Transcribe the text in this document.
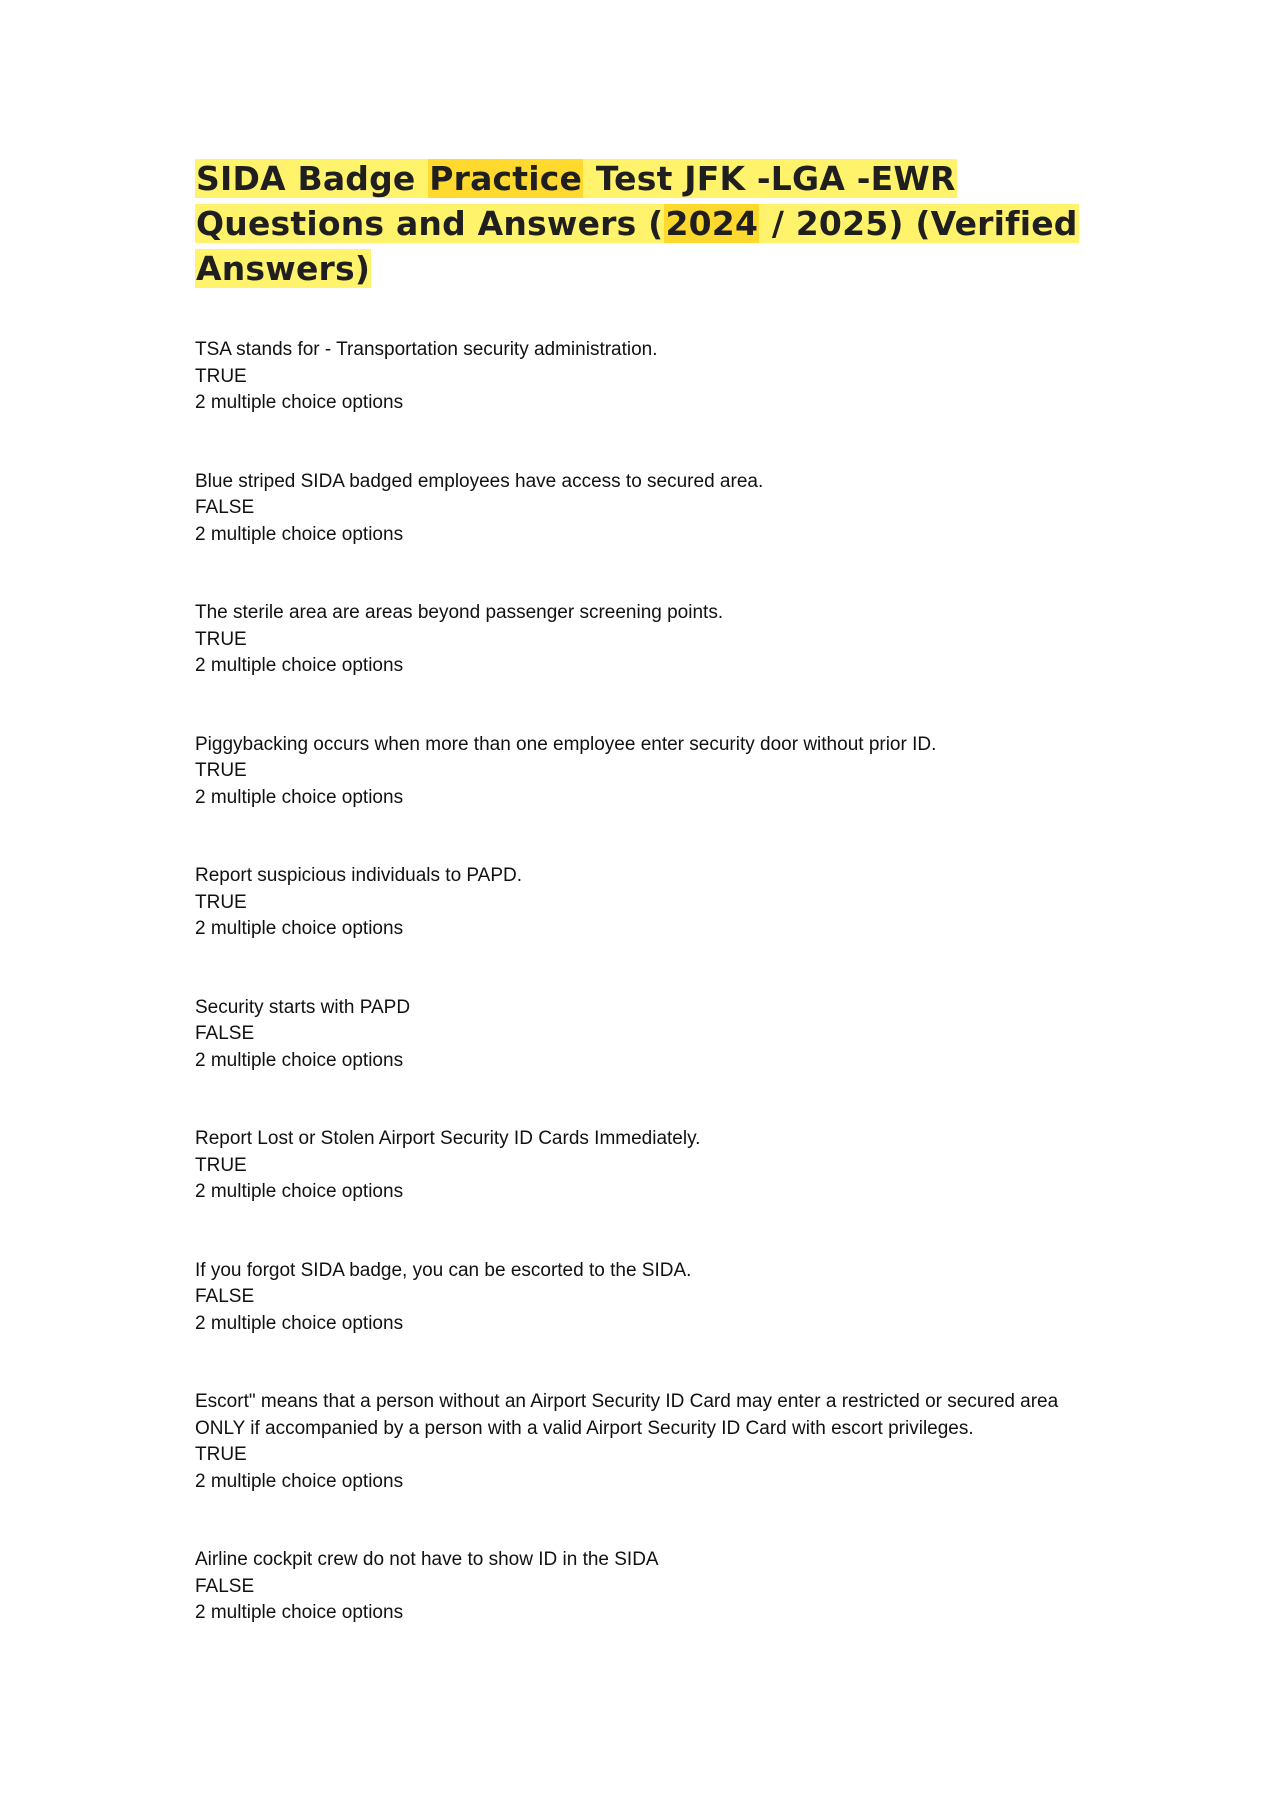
SIDA Badge Practice Test JFK -LGA -EWR Questions and Answers (2024 / 2025) (Verified Answers)
TSA stands for - Transportation security administration.
TRUE
2 multiple choice options
Blue striped SIDA badged employees have access to secured area.
FALSE
2 multiple choice options
The sterile area are areas beyond passenger screening points.
TRUE
2 multiple choice options
Piggybacking occurs when more than one employee enter security door without prior ID.
TRUE
2 multiple choice options
Report suspicious individuals to PAPD.
TRUE
2 multiple choice options
Security starts with PAPD
FALSE
2 multiple choice options
Report Lost or Stolen Airport Security ID Cards Immediately.
TRUE
2 multiple choice options
If you forgot SIDA badge, you can be escorted to the SIDA.
FALSE
2 multiple choice options
Escort" means that a person without an Airport Security ID Card may enter a restricted or secured area ONLY if accompanied by a person with a valid Airport Security ID Card with escort privileges.
TRUE
2 multiple choice options
Airline cockpit crew do not have to show ID in the SIDA
FALSE
2 multiple choice options
